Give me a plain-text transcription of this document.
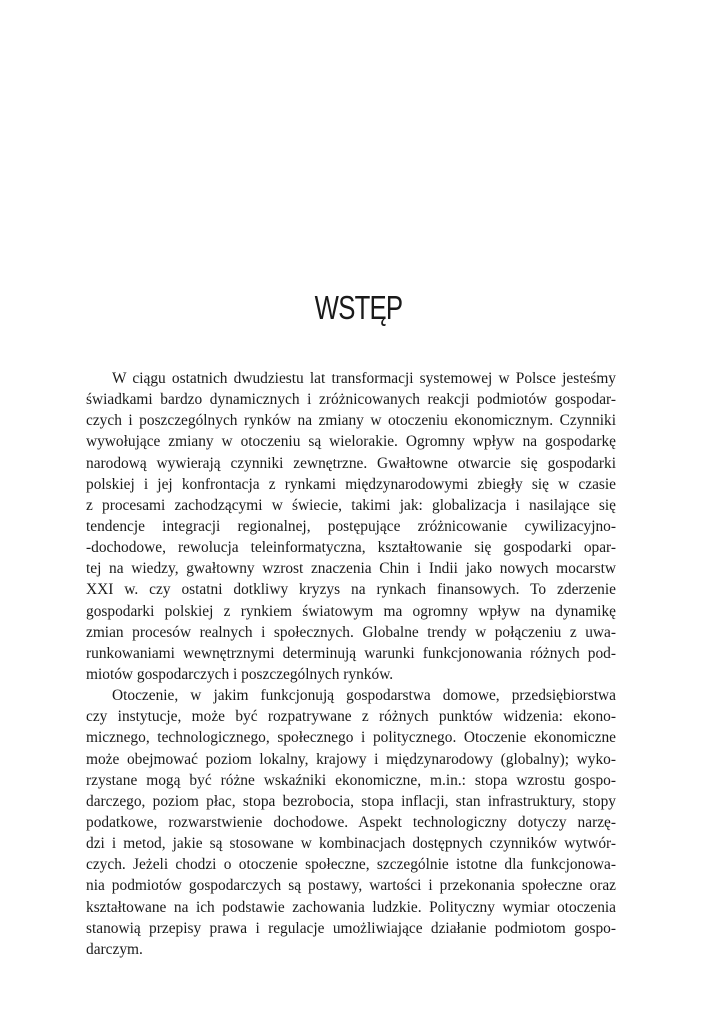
WSTĘP
W ciągu ostatnich dwudziestu lat transformacji systemowej w Polsce jesteśmy
świadkami bardzo dynamicznych i zróżnicowanych reakcji podmiotów gospodar-
czych i poszczególnych rynków na zmiany w otoczeniu ekonomicznym. Czynniki
wywołujące zmiany w otoczeniu są wielorakie. Ogromny wpływ na gospodarkę
narodową wywierają czynniki zewnętrzne. Gwałtowne otwarcie się gospodarki
polskiej i jej konfrontacja z rynkami międzynarodowymi zbiegły się w czasie
z procesami zachodzącymi w świecie, takimi jak: globalizacja i nasilające się
tendencje integracji regionalnej, postępujące zróżnicowanie cywilizacyjno-
-dochodowe, rewolucja teleinformatyczna, kształtowanie się gospodarki opar-
tej na wiedzy, gwałtowny wzrost znaczenia Chin i Indii jako nowych mocarstw
XXI w. czy ostatni dotkliwy kryzys na rynkach finansowych. To zderzenie
gospodarki polskiej z rynkiem światowym ma ogromny wpływ na dynamikę
zmian procesów realnych i społecznych. Globalne trendy w połączeniu z uwa-
runkowaniami wewnętrznymi determinują warunki funkcjonowania różnych pod-
miotów gospodarczych i poszczególnych rynków.
Otoczenie, w jakim funkcjonują gospodarstwa domowe, przedsiębiorstwa
czy instytucje, może być rozpatrywane z różnych punktów widzenia: ekono-
micznego, technologicznego, społecznego i politycznego. Otoczenie ekonomiczne
może obejmować poziom lokalny, krajowy i międzynarodowy (globalny); wyko-
rzystane mogą być różne wskaźniki ekonomiczne, m.in.: stopa wzrostu gospo-
darczego, poziom płac, stopa bezrobocia, stopa inflacji, stan infrastruktury, stopy
podatkowe, rozwarstwienie dochodowe. Aspekt technologiczny dotyczy narzę-
dzi i metod, jakie są stosowane w kombinacjach dostępnych czynników wytwór-
czych. Jeżeli chodzi o otoczenie społeczne, szczególnie istotne dla funkcjonowa-
nia podmiotów gospodarczych są postawy, wartości i przekonania społeczne oraz
kształtowane na ich podstawie zachowania ludzkie. Polityczny wymiar otoczenia
stanowią przepisy prawa i regulacje umożliwiające działanie podmiotom gospo-
darczym.
